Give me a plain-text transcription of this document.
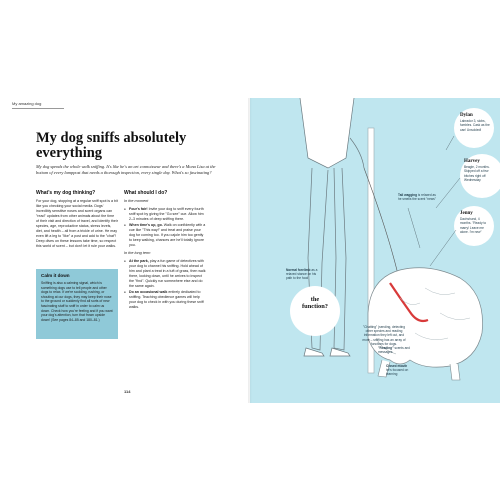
My amazing dog
My dog sniffs absolutely everything
My dog spends the whole walk sniffing. It's like he's an art connoisseur and there's a Mona Lisa at the bottom of every lamppost that needs a thorough inspection, every single day. What's so fascinating?
What's my dog thinking?

For your dog, stopping at a regular sniff spot is a bit like you checking your social media. Dogs' incredibly sensitive noses and scent organs can "read" updates from other animals about the time of their visit and direction of travel, and identify their species, age, reproductive status, stress levels, diet, and health – all from a trickle of urine. He may even lift a leg to "like" a post and add to the "chat"! Deep dives on these lessons take time, so respect this world of scent – but don't let it rule your walks.

Calm it down

Sniffing is also a calming signal, which is something dogs use to tell people and other dogs to relax. If we're scolding, rushing, or shouting at our dogs, they may keep their nose to the ground or suddenly find all sorts of new fascinating stuff to sniff in order to calm us down. Check how you're feeling and if you want your dog's attention, turn that frown upside down! (See pages 84–85 and 180–81.)

What should I do?

In the moment

● Four's fair! Invite your dog to sniff every fourth sniff spot by giving the "Go see" cue. Allow him 2–3 minutes of deep sniffing there.
● When time's up, go. Walk on confidently with a cue like "This way!" and treat and praise your dog for coming too. If you cajole him too gently to keep walking, chances are he'll totally ignore you.

In the long term

● At the park, play a fun game of detectives with your dog to channel his sniffing. Hold ahead of him and plant a treat in a tuft of grass, then walk there, looking down, until he arrives to inspect the "find". Quickly run somewhere else and do the same again.
● Do an occasional walk entirely dedicated to sniffing. Teaching obedience games will help your dog to check in with you during these sniff walks.
114
Tail wagging is relaxed as he smells the scent "news"
Normal forelimb as a relaxed stance on his path to the food
"Reading" scents and messages
Closed mouth
he's focused on learning
Dylan
Labrador 3, slobs, fumbles. Cask as the can! Unsolded!
Harvey
Beagle, 2 months. Skipped off a few bitches right off Wednesday
Jenny
Dachshund, 4 months. "Ready to marry! Leave me alone. I'm new"
the
function?
"Chatting" (sending, detecting other species and reading information they left out, and more – sniffing has an array of functions for dogs.
